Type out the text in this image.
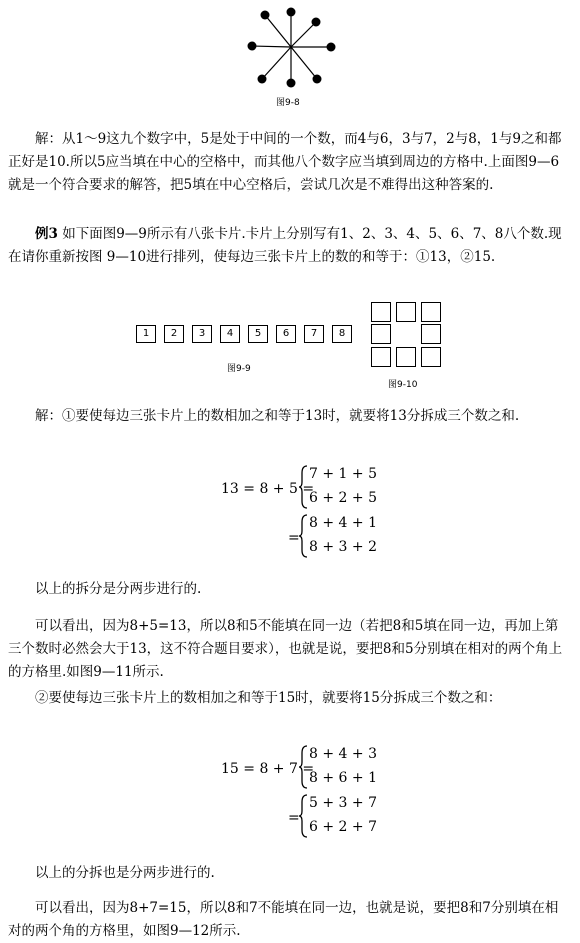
图9-8
解：从1～9这九个数字中，5是处于中间的一个数，而4与6，3与7，2与8，1与9之和都正好是10.所以5应当填在中心的空格中，而其他八个数字应当填到周边的方格中.上面图9—6就是一个符合要求的解答，把5填在中心空格后，尝试几次是不难得出这种答案的.
例3 如下面图9—9所示有八张卡片.卡片上分别写有1、2、3、4、5、6、7、8八个数.现在请你重新按图 9—10进行排列，使每边三张卡片上的数的和等于：①13，②15.
1	2	3	4	5	6	7	8
图9-9
图9-10
解：①要使每边三张卡片上的数相加之和等于13时，就要将13分拆成三个数之和.
13 = 8 + 5 =
7 + 1 + 5
6 + 2 + 5
=
8 + 4 + 1
8 + 3 + 2
以上的拆分是分两步进行的.
可以看出，因为8+5=13，所以8和5不能填在同一边（若把8和5填在同一边，再加上第三个数时必然会大于13，这不符合题目要求），也就是说，要把8和5分别填在相对的两个角上的方格里.如图9—11所示.
②要使每边三张卡片上的数相加之和等于15时，就要将15分拆成三个数之和：
15 = 8 + 7 =
8 + 4 + 3
8 + 6 + 1
=
5 + 3 + 7
6 + 2 + 7
以上的分拆也是分两步进行的.
可以看出，因为8+7=15，所以8和7不能填在同一边，也就是说，要把8和7分别填在相对的两个角的方格里，如图9—12所示.
